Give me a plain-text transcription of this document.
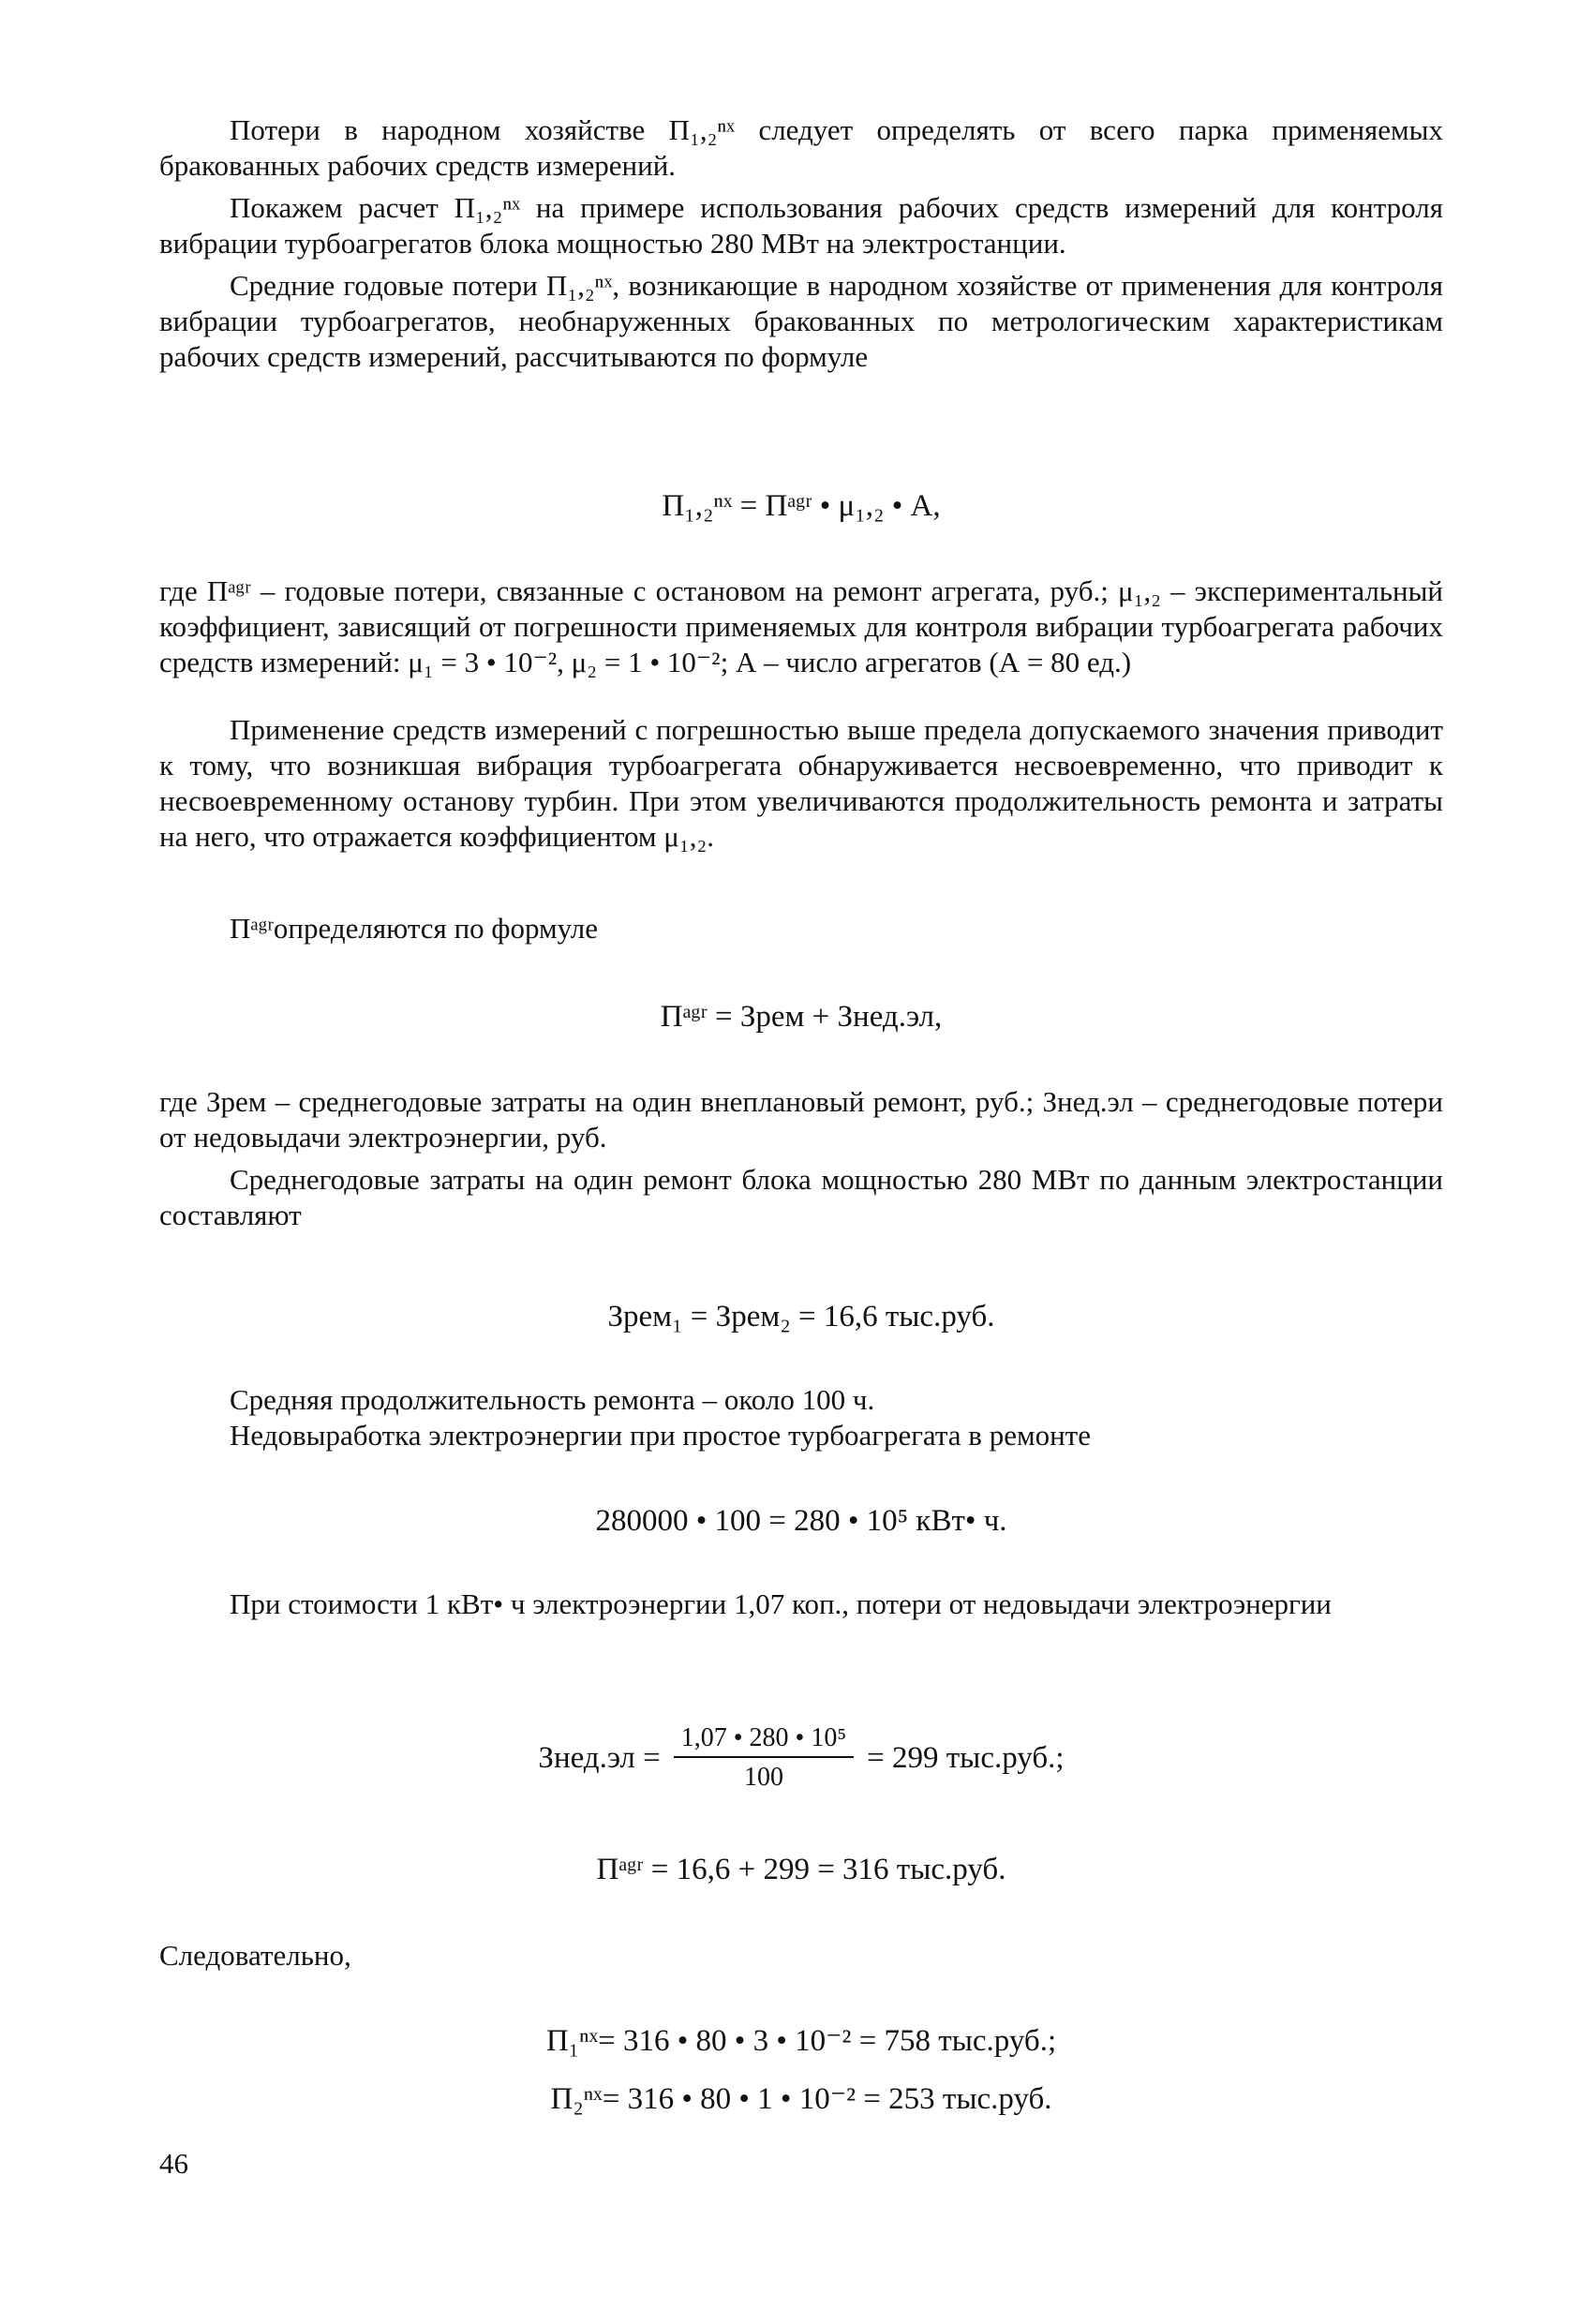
Потери в народном хозяйстве П₁,₂ⁿˣ следует определять от всего парка применяемых бракованных рабочих средств измерений.
Покажем расчет П₁,₂ⁿˣ на примере использования рабочих средств измерений для контроля вибрации турбоагрегатов блока мощностью 280 МВт на электростанции.
Средние годовые потери П₁,₂ⁿˣ, возникающие в народном хозяйстве от применения для контроля вибрации турбоагрегатов, необнаруженных бракованных по метрологическим характеристикам рабочих средств измерений, рассчитываются по формуле
П₁,₂ⁿˣ = Пᵃᵍʳ • μ₁,₂ • А,
где Пᵃᵍʳ – годовые потери, связанные с остановом на ремонт агрегата, руб.; μ₁,₂ – экспериментальный коэффициент, зависящий от погрешности применяемых для контроля вибрации турбоагрегата рабочих средств измерений: μ₁ = 3 • 10⁻², μ₂ = 1 • 10⁻²; А – число агрегатов (А = 80 ед.)
Применение средств измерений с погрешностью выше предела допускаемого значения приводит к тому, что возникшая вибрация турбоагрегата обнаруживается несвоевременно, что приводит к несвоевременному останову турбин. При этом увеличиваются продолжительность ремонта и затраты на него, что отражается коэффициентом μ₁,₂.
Пᵃᵍʳопределяются по формуле
Пᵃᵍʳ = Зрем + Знед.эл,
где Зрем – среднегодовые затраты на один внеплановый ремонт, руб.; Знед.эл – среднегодовые потери от недовыдачи электроэнергии, руб.
Среднегодовые затраты на один ремонт блока мощностью 280 МВт по данным электростанции составляют
Зрем₁ = Зрем₂ = 16,6 тыс.руб.
Средняя продолжительность ремонта – около 100 ч.
Недовыработка электроэнергии при простое турбоагрегата в ремонте
280000 • 100 = 280 • 10⁵ кВт• ч.
При стоимости 1 кВт• ч электроэнергии 1,07 коп., потери от недовыдачи электроэнергии
Знед.эл = $\frac{\text{1,07 • 280 • 10⁵}}{100} = 299$ тыс.руб.;
Пᵃᵍʳ = 16,6 + 299 = 316 тыс.руб.
Следовательно,
П₁ⁿˣ= 316 • 80 • 3 • 10⁻² = 758 тыс.руб.;
П₂ⁿˣ= 316 • 80 • 1 • 10⁻² = 253 тыс.руб.
46
